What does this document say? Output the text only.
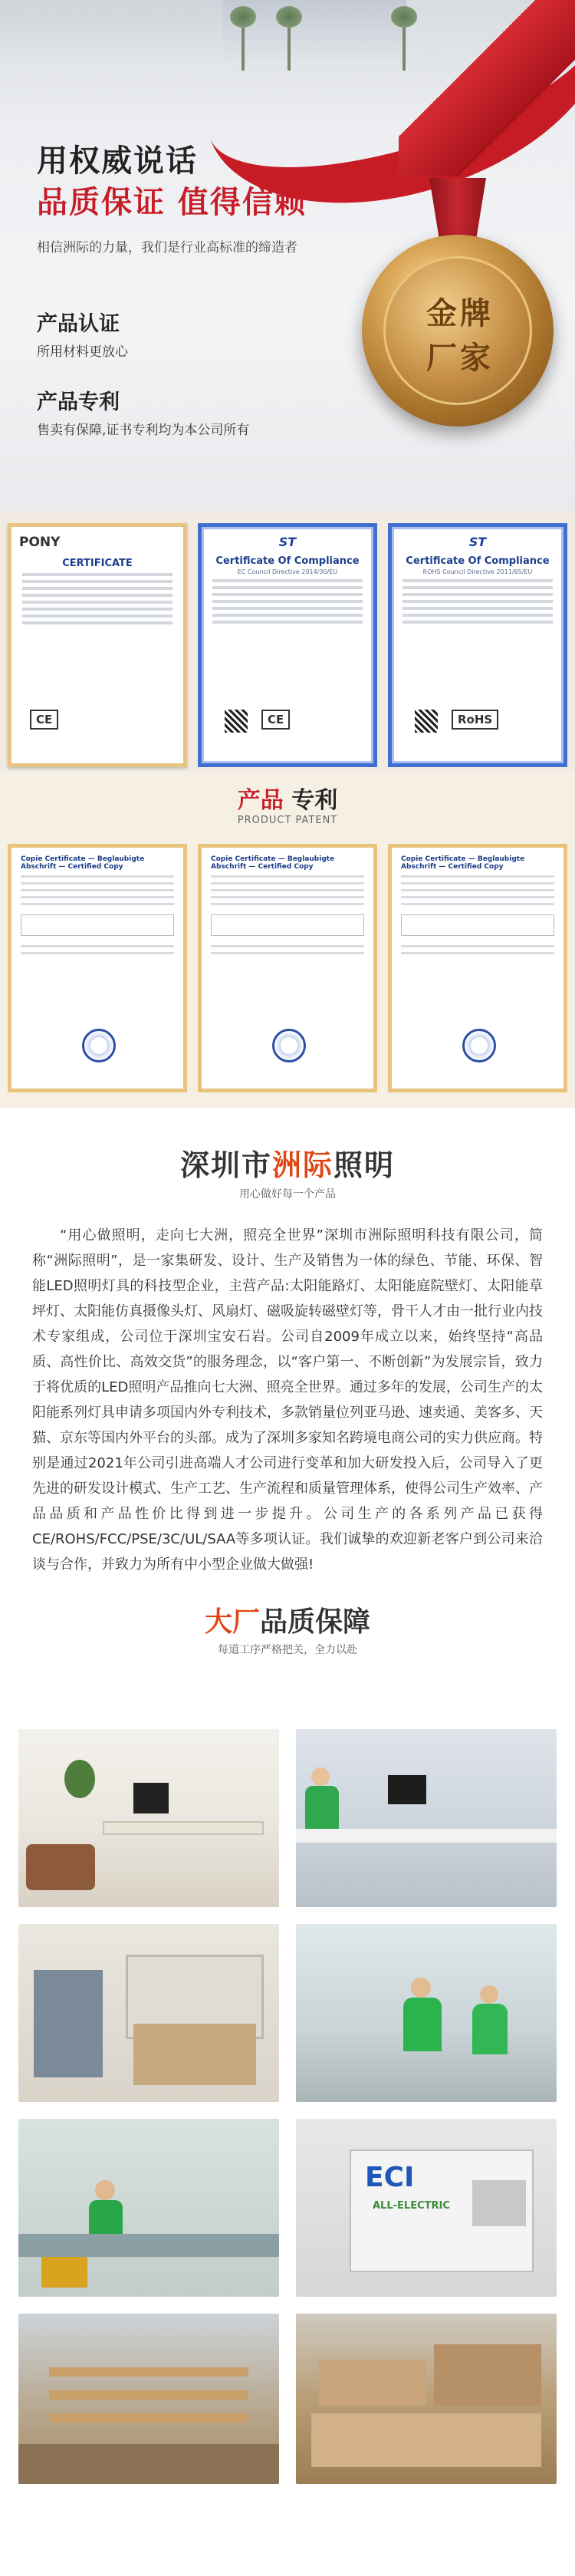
用权威说话
品质保证 值得信赖
相信洲际的力量，我们是行业高标准的缔造者
产品认证
所用材料更放心
产品专利
售卖有保障,证书专利均为本公司所有
金牌
厂家
PONY
CERTIFICATE
CE
ST
Certificate Of Compliance
EC Council Directive 2014/30/EU
CE
ST
Certificate Of Compliance
ROHS Council Directive 2011/65/EU
RoHS
产品 专利
PRODUCT PATENT
Copie Certificate — Beglaubigte Abschrift — Certified Copy
Copie Certificate — Beglaubigte Abschrift — Certified Copy
Copie Certificate — Beglaubigte Abschrift — Certified Copy
深圳市洲际照明
用心做好每一个产品

“用心做照明，走向七大洲，照亮全世界”深圳市洲际照明科技有限公司，简称“洲际照明”，是一家集研发、设计、生产及销售为一体的绿色、节能、环保、智能LED照明灯具的科技型企业，主营产品:太阳能路灯、太阳能庭院壁灯、太阳能草坪灯、太阳能仿真摄像头灯、风扇灯、磁吸旋转磁壁灯等，骨干人才由一批行业内技术专家组成，公司位于深圳宝安石岩。公司自2009年成立以来，始终坚持“高品质、高性价比、高效交货”的服务理念，以“客户第一、不断创新”为发展宗旨，致力于将优质的LED照明产品推向七大洲、照亮全世界。通过多年的发展，公司生产的太阳能系列灯具申请多项国内外专利技术，多款销量位列亚马逊、速卖通、美客多、天猫、京东等国内外平台的头部。成为了深圳多家知名跨境电商公司的实力供应商。特别是通过2021年公司引进高端人才公司进行变革和加大研发投入后，公司导入了更先进的研发设计模式、生产工艺、生产流程和质量管理体系，使得公司生产效率、产品品质和产品性价比得到进一步提升。公司生产的各系列产品已获得CE/ROHS/FCC/PSE/3C/UL/SAA等多项认证。我们诚挚的欢迎新老客户到公司来洽谈与合作，并致力为所有中小型企业做大做强!

大厂品质保障
每道工序严格把关，全力以赴
ECI
ALL-ELECTRIC
